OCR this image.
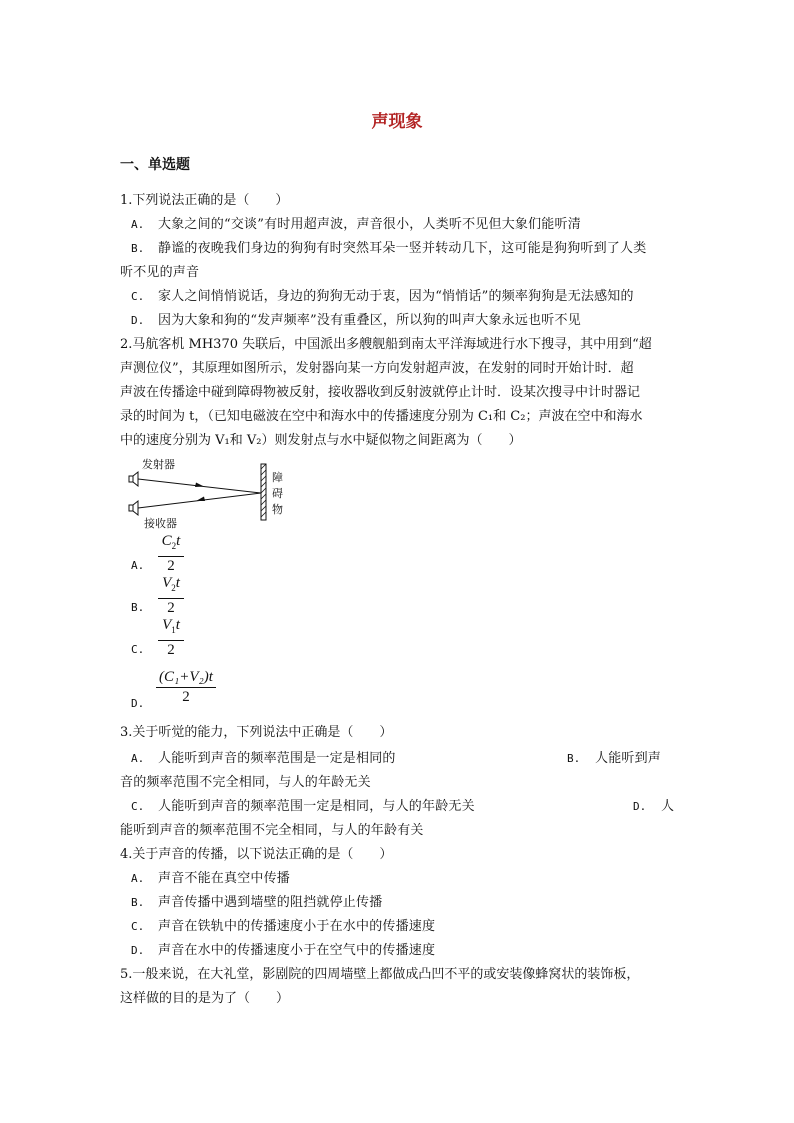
声现象
一、单选题
1.下列说法正确的是（　　）
A. 大象之间的“交谈”有时用超声波，声音很小，人类听不见但大象们能听清
B. 静谧的夜晚我们身边的狗狗有时突然耳朵一竖并转动几下，这可能是狗狗听到了人类
听不见的声音
C. 家人之间悄悄说话，身边的狗狗无动于衷，因为“悄悄话”的频率狗狗是无法感知的
D. 因为大象和狗的“发声频率”没有重叠区，所以狗的叫声大象永远也听不见
2.马航客机 MH370 失联后，中国派出多艘舰船到南太平洋海域进行水下搜寻，其中用到“超
声测位仪”，其原理如图所示，发射器向某一方向发射超声波，在发射的同时开始计时．超
声波在传播途中碰到障碍物被反射，接收器收到反射波就停止计时．设某次搜寻中计时器记
录的时间为 t，（已知电磁波在空中和海水中的传播速度分别为 C₁和 C₂；声波在空中和海水
中的速度分别为 V₁和 V₂）则发射点与水中疑似物之间距离为（　　）
发射器
接收器
障
碍
物
A.
$C_2t$
2
B.
$V_2t$
2
C.
$V_1t$
2
D.
(C₁+V₂)t
2
3.关于听觉的能力，下列说法中正确是（　　）
A. 人能听到声音的频率范围是一定是相同的	B. 人能听到声
音的频率范围不完全相同，与人的年龄无关
C. 人能听到声音的频率范围一定是相同，与人的年龄无关	D. 人
能听到声音的频率范围不完全相同，与人的年龄有关
4.关于声音的传播，以下说法正确的是（　　）
A. 声音不能在真空中传播
B. 声音传播中遇到墙壁的阻挡就停止传播
C. 声音在铁轨中的传播速度小于在水中的传播速度
D. 声音在水中的传播速度小于在空气中的传播速度
5.一般来说，在大礼堂，影剧院的四周墙壁上都做成凸凹不平的或安装像蜂窝状的装饰板，
这样做的目的是为了（　　）
